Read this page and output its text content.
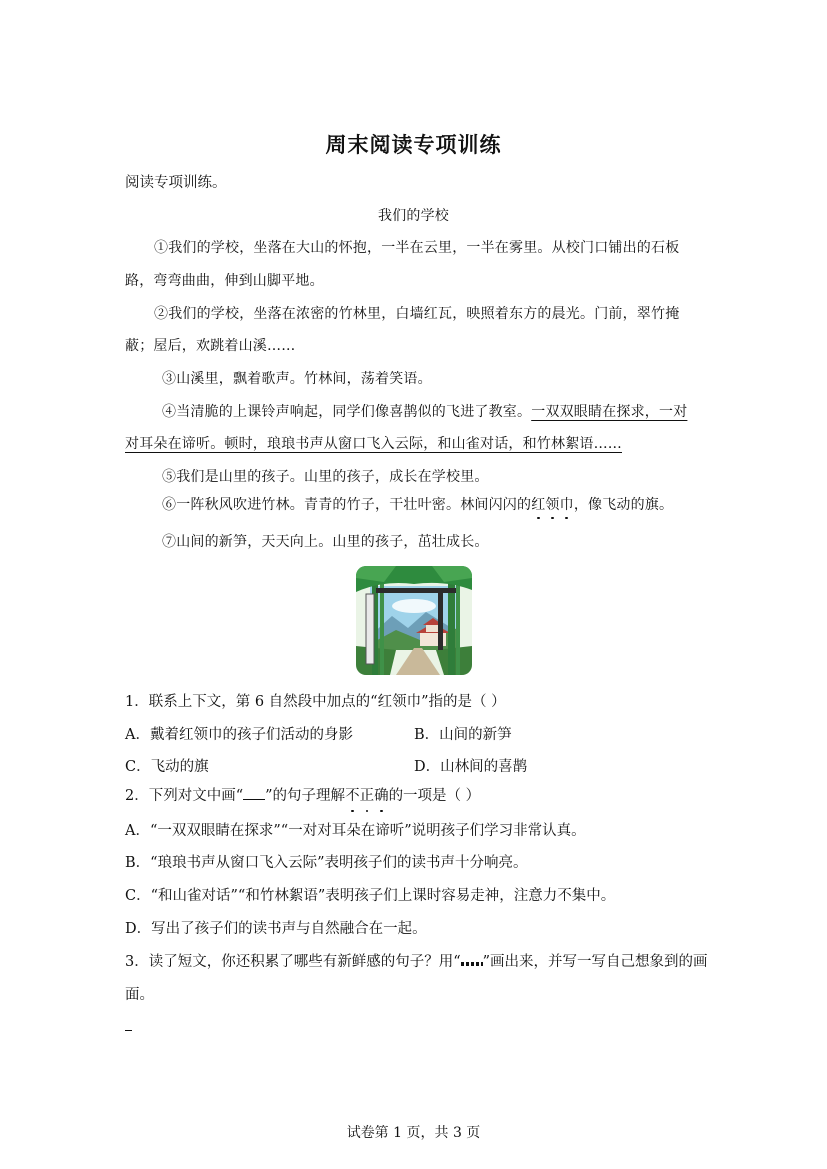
周末阅读专项训练
阅读专项训练。
我们的学校
①我们的学校，坐落在大山的怀抱，一半在云里，一半在雾里。从校门口铺出的石板
路，弯弯曲曲，伸到山脚平地。
②我们的学校，坐落在浓密的竹林里，白墙红瓦，映照着东方的晨光。门前，翠竹掩
蔽；屋后，欢跳着山溪……
③山溪里，飘着歌声。竹林间，荡着笑语。
④当清脆的上课铃声响起，同学们像喜鹊似的飞进了教室。一双双眼睛在探求，一对
对耳朵在谛听。顿时，琅琅书声从窗口飞入云际，和山雀对话，和竹林絮语……
⑤我们是山里的孩子。山里的孩子，成长在学校里。
⑥一阵秋风吹进竹林。青青的竹子，干壮叶密。林间闪闪的红领巾，像飞动的旗。
⑦山间的新笋，天天向上。山里的孩子，茁壮成长。
1．联系上下文，第 6 自然段中加点的“红领巾”指的是（ ）
A．戴着红领巾的孩子们活动的身影	B．山间的新笋
C．飞动的旗	D．山林间的喜鹊
2．下列对文中画“ ”的句子理解不正确的一项是（ ）
A．“一双双眼睛在探求”“一对对耳朵在谛听”说明孩子们学习非常认真。
B．“琅琅书声从窗口飞入云际”表明孩子们的读书声十分响亮。
C．“和山雀对话”“和竹林絮语”表明孩子们上课时容易走神，注意力不集中。
D．写出了孩子们的读书声与自然融合在一起。
3．读了短文，你还积累了哪些有新鲜感的句子？用“ ”画出来，并写一写自己想象到的画
面。
试卷第 1 页，共 3 页
